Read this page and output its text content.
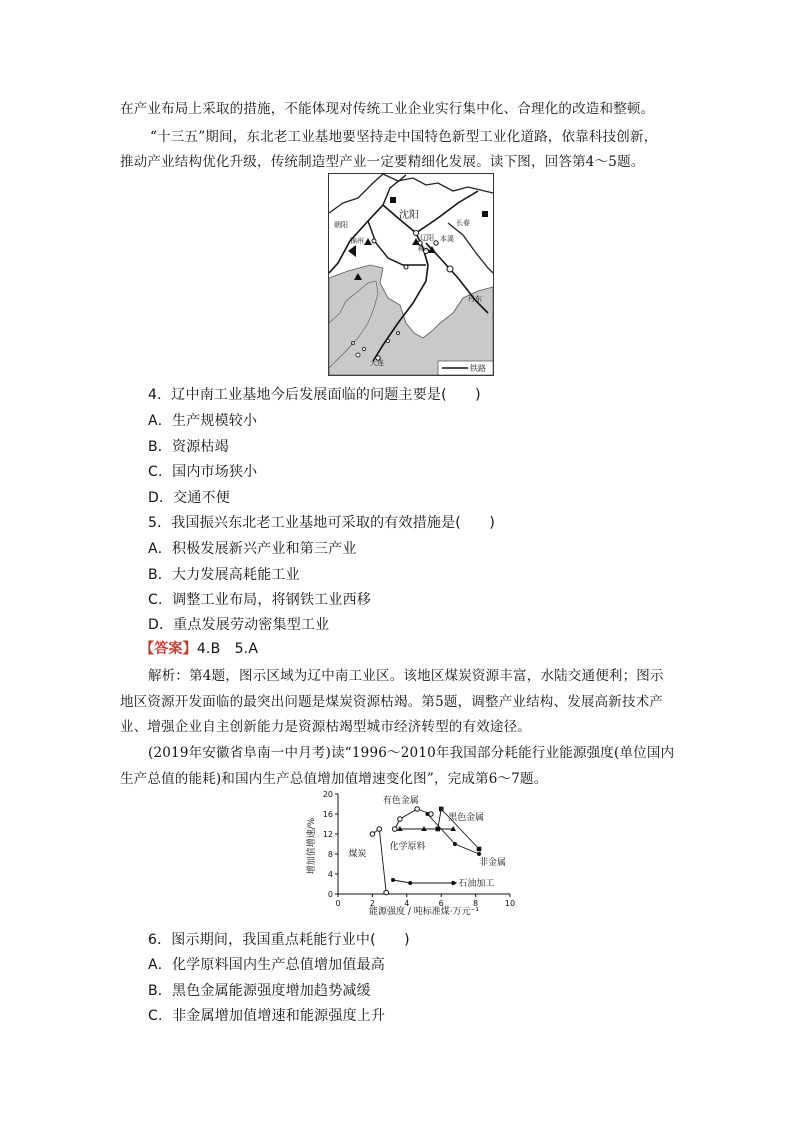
在产业布局上采取的措施，不能体现对传统工业企业实行集中化、合理化的改造和整顿。
“十三五”期间，东北老工业基地要坚持走中国特色新型工业化道路，依靠科技创新，
推动产业结构优化升级，传统制造型产业一定要精细化发展。读下图，回答第4～5题。
沈阳
长春
朝阳
锦州	辽阳
鞍山
本溪
丹东
大连
铁路
4．辽中南工业基地今后发展面临的问题主要是(　　)
A．生产规模较小
B．资源枯竭
C．国内市场狭小
D．交通不便
5．我国振兴东北老工业基地可采取的有效措施是(　　)
A．积极发展新兴产业和第三产业
B．大力发展高耗能工业
C．调整工业布局，将钢铁工业西移
D．重点发展劳动密集型工业
【答案】4.B　5.A
解析：第4题，图示区域为辽中南工业区。该地区煤炭资源丰富，水陆交通便利；图示
地区资源开发面临的最突出问题是煤炭资源枯竭。第5题，调整产业结构、发展高新技术产
业、增强企业自主创新能力是资源枯竭型城市经济转型的有效途径。
(2019年安徽省阜南一中月考)读“1996～2010年我国部分耗能行业能源强度(单位国内
生产总值的能耗)和国内生产总值增加值增速变化图”，完成第6～7题。
增加值增速/%
能源强度 / 吨标准煤·万元⁻¹
0	2	4	6	8	10
0
4
8
12
16
20
煤炭
有色金属
黑色金属
化学原料
非金属
石油加工
6．图示期间，我国重点耗能行业中(　　)
A．化学原料国内生产总值增加值最高
B．黑色金属能源强度增加趋势减缓
C．非金属增加值增速和能源强度上升
